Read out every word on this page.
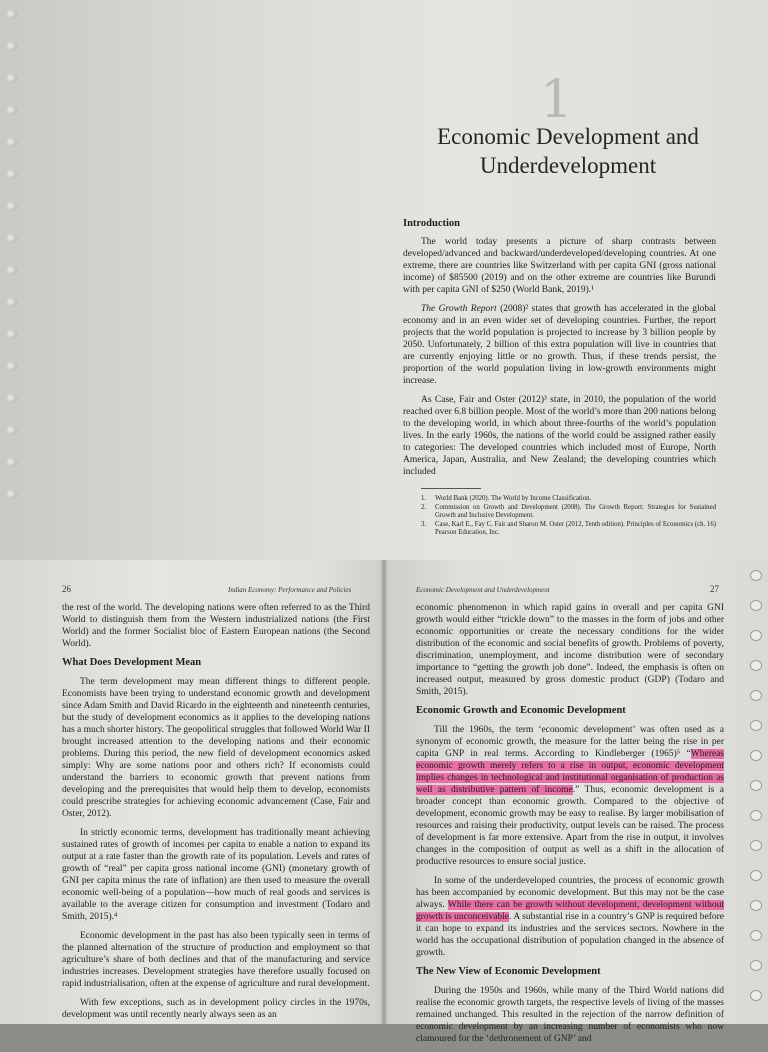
1
Economic Development and
Underdevelopment
Introduction

The world today presents a picture of sharp contrasts between developed/advanced and backward/underdeveloped/developing countries. At one extreme, there are countries like Switzerland with per capita GNI (gross national income) of $85500 (2019) and on the other extreme are countries like Burundi with per capita GNI of $250 (World Bank, 2019).¹

The Growth Report (2008)² states that growth has accelerated in the global economy and in an even wider set of developing countries. Further, the report projects that the world population is projected to increase by 3 billion people by 2050. Unfortunately, 2 billion of this extra population will live in countries that are currently enjoying little or no growth. Thus, if these trends persist, the proportion of the world population living in low-growth environments might increase.

As Case, Fair and Oster (2012)³ state, in 2010, the population of the world reached over 6.8 billion people. Most of the world’s more than 200 nations belong to the developing world, in which about three-fourths of the world’s population lives. In the early 1960s, the nations of the world could be assigned rather easily to categories: The developed countries which included most of Europe, North America, Japan, Australia, and New Zealand; the developing countries which included

1.	World Bank (2020). The World by Income Classification.
2.	Commission on Growth and Development (2008). The Growth Report: Strategies for Sustained Growth and Inclusive Development.
3.	Case, Karl E., Fay C. Fair and Sharon M. Oster (2012, Tenth edition). Principles of Economics (ch. 16) Pearson Education, Inc.
26	Indian Economy: Performance and Policies

the rest of the world. The developing nations were often referred to as the Third World to distinguish them from the Western industrialized nations (the First World) and the former Socialist bloc of Eastern European nations (the Second World).

What Does Development Mean

The term development may mean different things to different people. Economists have been trying to understand economic growth and development since Adam Smith and David Ricardo in the eighteenth and nineteenth centuries, but the study of development economics as it applies to the developing nations has a much shorter history. The geopolitical struggles that followed World War II brought increased attention to the developing nations and their economic problems. During this period, the new field of development economics asked simply: Why are some nations poor and others rich? If economists could understand the barriers to economic growth that prevent nations from developing and the prerequisites that would help them to develop, economists could prescribe strategies for achieving economic advancement (Case, Fair and Oster, 2012).

In strictly economic terms, development has traditionally meant achieving sustained rates of growth of incomes per capita to enable a nation to expand its output at a rate faster than the growth rate of its population. Levels and rates of growth of “real” per capita gross national income (GNI) (monetary growth of GNI per capita minus the rate of inflation) are then used to measure the overall economic well-being of a population—how much of real goods and services is available to the average citizen for consumption and investment (Todaro and Smith, 2015).⁴

Economic development in the past has also been typically seen in terms of the planned alternation of the structure of production and employment so that agriculture’s share of both declines and that of the manufacturing and service industries increases. Development strategies have therefore usually focused on rapid industrialisation, often at the expense of agriculture and rural development.

With few exceptions, such as in development policy circles in the 1970s, development was until recently nearly always seen as an

Economic Development and Underdevelopment	27

economic phenomenon in which rapid gains in overall and per capita GNI growth would either “trickle down” to the masses in the form of jobs and other economic opportunities or create the necessary conditions for the wider distribution of the economic and social benefits of growth. Problems of poverty, discrimination, unemployment, and income distribution were of secondary importance to “getting the growth job done”. Indeed, the emphasis is often on increased output, measured by gross domestic product (GDP) (Todaro and Smith, 2015).

Economic Growth and Economic Development

Till the 1960s, the term ‘economic development’ was often used as a synonym of economic growth, the measure for the latter being the rise in per capita GNP in real terms. According to Kindleberger (1965)⁵ “Whereas economic growth merely refers to a rise in output, economic development implies changes in technological and institutional organisation of production as well as distributive pattern of income.” Thus, economic development is a broader concept than economic growth. Compared to the objective of development, economic growth may be easy to realise. By larger mobilisation of resources and raising their productivity, output levels can be raised. The process of development is far more extensive. Apart from the rise in output, it involves changes in the composition of output as well as a shift in the allocation of productive resources to ensure social justice.

In some of the underdeveloped countries, the process of economic growth has been accompanied by economic development. But this may not be the case always. While there can be growth without development, development without growth is unconceivable. A substantial rise in a country’s GNP is required before it can hope to expand its industries and the services sectors. Nowhere in the world has the occupational distribution of population changed in the absence of growth.

The New View of Economic Development

During the 1950s and 1960s, while many of the Third World nations did realise the economic growth targets, the respective levels of living of the masses remained unchanged. This resulted in the rejection of the narrow definition of economic development by an increasing number of economists who now clamoured for the ‘dethronement of GNP’ and
